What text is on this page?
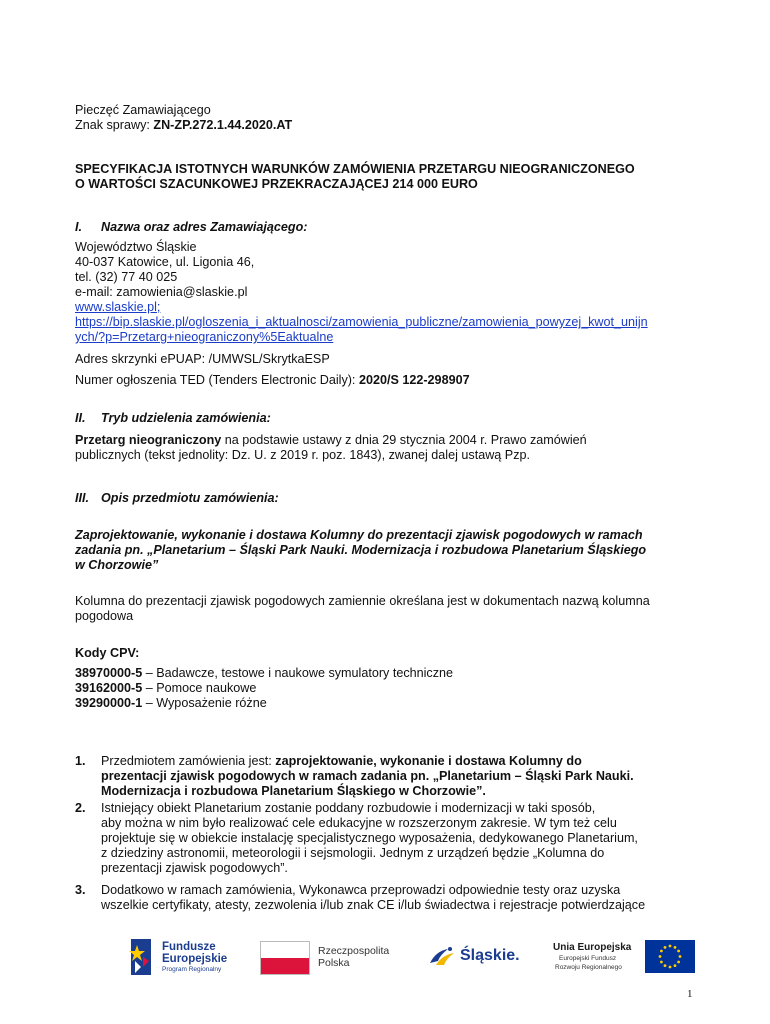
Pieczęć Zamawiającego
Znak sprawy: ZN-ZP.272.1.44.2020.AT
SPECYFIKACJA ISTOTNYCH WARUNKÓW ZAMÓWIENIA PRZETARGU NIEOGRANICZONEGO
O WARTOŚCI SZACUNKOWEJ PRZEKRACZAJĄCEJ 214 000 EURO
I. Nazwa oraz adres Zamawiającego:
Województwo Śląskie
40-037 Katowice, ul. Ligonia 46,
tel. (32) 77 40 025
e-mail: zamowienia@slaskie.pl
www.slaskie.pl;
https://bip.slaskie.pl/ogloszenia_i_aktualnosci/zamowienia_publiczne/zamowienia_powyzej_kwot_unijn
ych/?p=Przetarg+nieograniczony%5Eaktualne
Adres skrzynki ePUAP: /UMWSL/SkrytkaESP
Numer ogłoszenia TED (Tenders Electronic Daily): 2020/S 122-298907
II. Tryb udzielenia zamówienia:
Przetarg nieograniczony na podstawie ustawy z dnia 29 stycznia 2004 r. Prawo zamówień
publicznych (tekst jednolity: Dz. U. z 2019 r. poz. 1843), zwanej dalej ustawą Pzp.
III. Opis przedmiotu zamówienia:
Zaprojektowanie, wykonanie i dostawa Kolumny do prezentacji zjawisk pogodowych w ramach
zadania pn. „Planetarium – Śląski Park Nauki. Modernizacja i rozbudowa Planetarium Śląskiego
w Chorzowie”
Kolumna do prezentacji zjawisk pogodowych zamiennie określana jest w dokumentach nazwą kolumna
pogodowa
Kody CPV:
38970000-5 – Badawcze, testowe i naukowe symulatory techniczne
39162000-5 – Pomoce naukowe
39290000-1 – Wyposażenie różne
1. Przedmiotem zamówienia jest: zaprojektowanie, wykonanie i dostawa Kolumny do
prezentacji zjawisk pogodowych w ramach zadania pn. „Planetarium – Śląski Park Nauki.
Modernizacja i rozbudowa Planetarium Śląskiego w Chorzowie”.
2. Istniejący obiekt Planetarium zostanie poddany rozbudowie i modernizacji w taki sposób,
aby można w nim było realizować cele edukacyjne w rozszerzonym zakresie. W tym też celu
projektuje się w obiekcie instalację specjalistycznego wyposażenia, dedykowanego Planetarium,
z dziedziny astronomii, meteorologii i sejsmologii. Jednym z urządzeń będzie „Kolumna do
prezentacji zjawisk pogodowych”.
3. Dodatkowo w ramach zamówienia, Wykonawca przeprowadzi odpowiednie testy oraz uzyska
wszelkie certyfikaty, atesty, zezwolenia i/lub znak CE i/lub świadectwa i rejestracje potwierdzające
Fundusze
Europejskie
Program Regionalny
Rzeczpospolita
Polska	Śląskie.	Unia Europejska
Europejski Fundusz
Rozwoju Regionalnego
1
